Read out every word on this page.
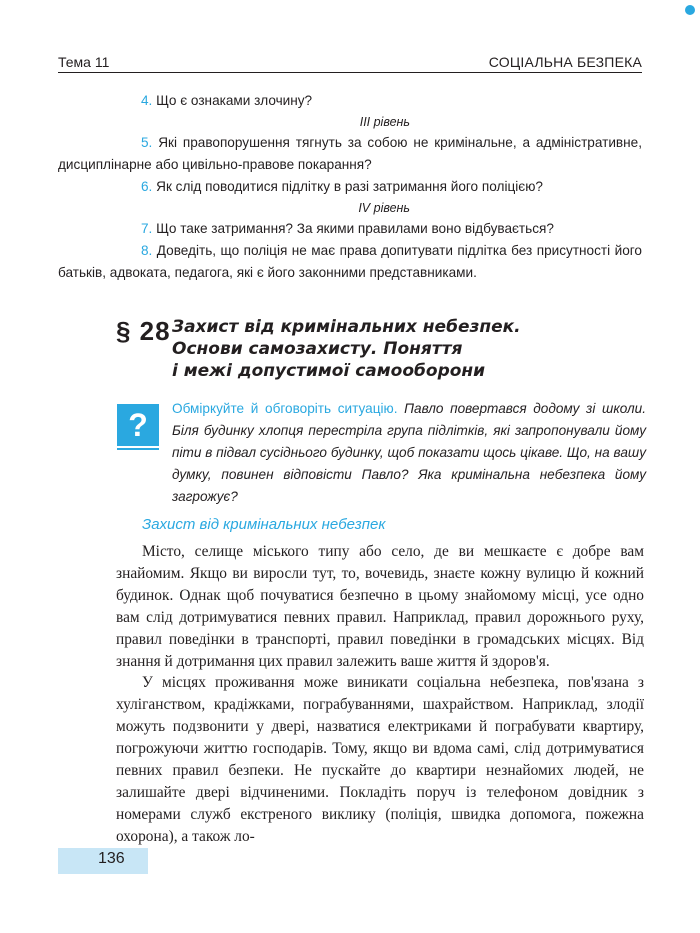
Тема 11	СОЦІАЛЬНА БЕЗПЕКА

4. Що є ознаками злочину?

ІІІ рівень

5. Які правопорушення тягнуть за собою не кримінальне, а адміністративне, дисциплінарне або цивільно-правове покарання?

6. Як слід поводитися підлітку в разі затримання його поліцією?

IV рівень

7. Що таке затримання? За якими правилами воно відбувається?

8. Доведіть, що поліція не має права допитувати підлітка без присутності його батьків, адвоката, педагога, які є його законними представниками.

§ 28 Захист від кримінальних небезпек.
Основи самозахисту. Поняття
і межі допустимої самооборони
?	Обміркуйте й обговоріть ситуацію. Павло повертався додому зі школи. Біля будинку хлопця перестріла група підлітків, які запропонували йому піти в підвал сусіднього будинку, щоб показати щось цікаве. Що, на вашу думку, повинен відповісти Павло? Яка кримінальна небезпека йому загрожує?
Захист від кримінальних небезпек

Місто, селище міського типу або село, де ви мешкаєте є добре вам знайомим. Якщо ви виросли тут, то, вочевидь, знаєте кожну вулицю й кожний будинок. Однак щоб почуватися безпечно в цьому знайомому місці, усе одно вам слід дотримуватися певних правил. Наприклад, правил дорожнього руху, правил поведінки в транспорті, правил поведінки в громадських місцях. Від знання й дотримання цих правил залежить ваше життя й здоров'я.

У місцях проживання може виникати соціальна небезпека, пов'язана з хуліганством, крадіжками, пограбуваннями, шахрайством. Наприклад, злодії можуть подзвонити у двері, назватися електриками й пограбувати квартиру, погрожуючи життю господарів. Тому, якщо ви вдома самі, слід дотримуватися певних правил безпеки. Не пускайте до квартири незнайомих людей, не залишайте двері відчиненими. Покладіть поруч із телефоном довідник з номерами служб екстреного виклику (поліція, швидка допомога, пожежна охорона), а також ло-

136
